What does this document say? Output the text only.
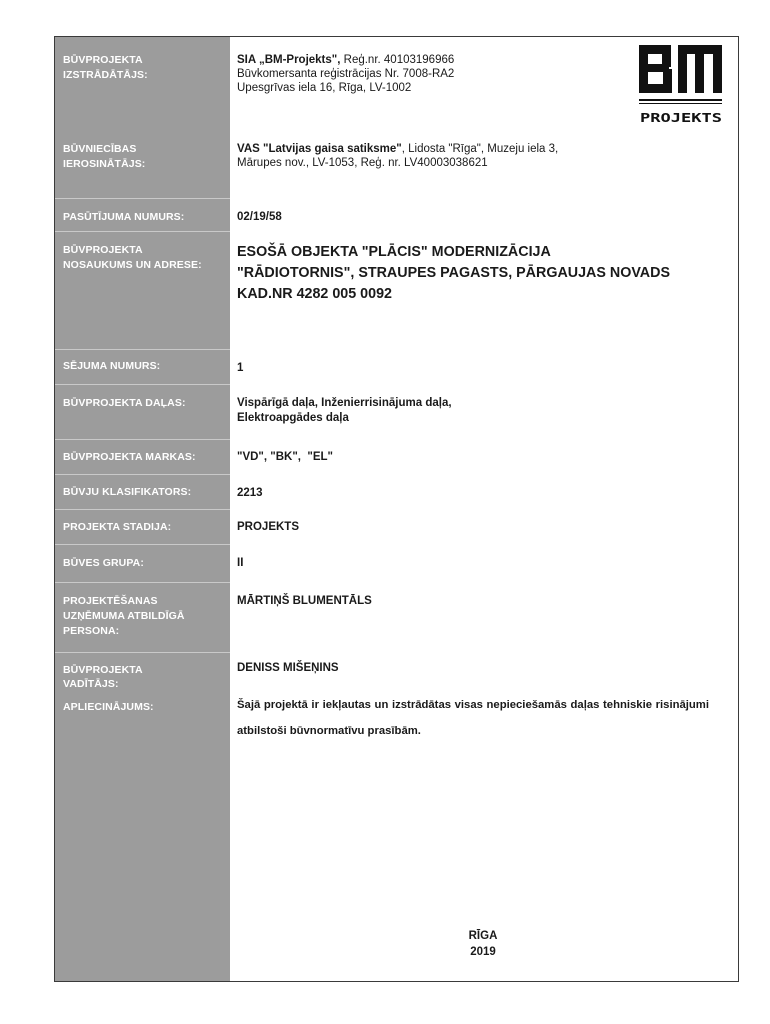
BŪVPROJEKTA
IZSTRĀDĀTĀJS:
SIA „BM-Projekts", Reģ.nr. 40103196966
Būvkomersanta reģistrācijas Nr. 7008-RA2
Upesgrīvas iela 16, Rīga, LV-1002
PROJEKTS
BŪVNIECĪBAS
IEROSINĀTĀJS:
VAS "Latvijas gaisa satiksme", Lidosta "Rīga", Muzeju iela 3,
Mārupes nov., LV-1053, Reģ. nr. LV40003038621
PASŪTĪJUMA NUMURS:	02/19/58
BŪVPROJEKTA
NOSAUKUMS UN ADRESE:
ESOŠĀ OBJEKTA "PLĀCIS" MODERNIZĀCIJA
"RĀDIOTORNIS", STRAUPES PAGASTS, PĀRGAUJAS NOVADS
KAD.NR 4282 005 0092
SĒJUMA NUMURS:	1
BŪVPROJEKTA DAĻAS:	Vispārīgā daļa, Inženierrisinājuma daļa,
Elektroapgādes daļa
BŪVPROJEKTA MARKAS:	"VD", "BK",  "EL"
BŪVJU KLASIFIKATORS:	2213
PROJEKTA STADIJA:	PROJEKTS
BŪVES GRUPA:	II
PROJEKTĒŠANAS
UZŅĒMUMA ATBILDĪGĀ
PERSONA:
MĀRTIŅŠ BLUMENTĀLS
BŪVPROJEKTA
VADĪTĀJS:
DENISS MIŠEŅINS
APLIECINĀJUMS:	Šajā projektā ir iekļautas un izstrādātas visas nepieciešamās daļas tehniskie risinājumi atbilstoši būvnormatīvu prasībām.
RĪGA
2019
